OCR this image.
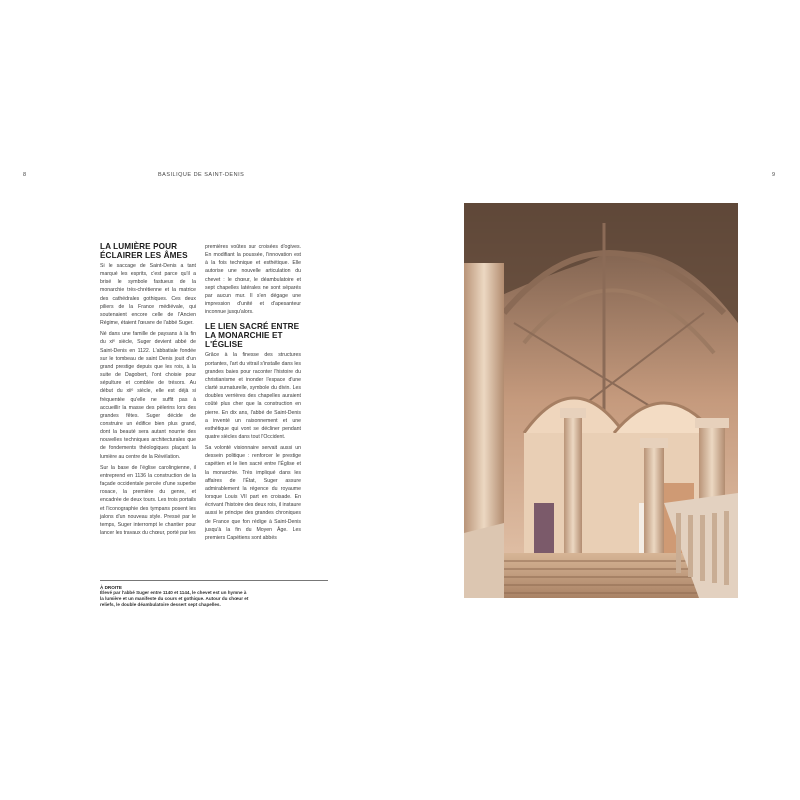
8	BASILIQUE DE SAINT-DENIS	9
LA LUMIÈRE POUR ÉCLAIRER LES ÂMES

Si le saccage de Saint-Denis a tant marqué les esprits, c'est parce qu'il a brisé le symbole fastueux de la monarchie très-chrétienne et la matrice des cathédrales gothiques. Ces deux piliers de la France médiévale, qui soutenaient encore celle de l'Ancien Régime, étaient l'œuvre de l'abbé Suger.

Né dans une famille de paysans à la fin du xiᵉ siècle, Suger devient abbé de Saint-Denis en 1122. L'abbatiale fondée sur le tombeau de saint Denis jouit d'un grand prestige depuis que les rois, à la suite de Dagobert, l'ont choisie pour sépulture et comblée de trésors. Au début du xiiᵉ siècle, elle est déjà si fréquentée qu'elle ne suffit pas à accueillir la masse des pèlerins lors des grandes fêtes. Suger décide de construire un édifice bien plus grand, dont la beauté sera autant nourrie des nouvelles techniques architecturales que de fondements théologiques plaçant la lumière au centre de la Révélation.

Sur la base de l'église carolingienne, il entreprend en 1136 la construction de la façade occidentale percée d'une superbe rosace, la première du genre, et encadrée de deux tours. Les trois portails et l'iconographie des tympans posent les jalons d'un nouveau style. Pressé par le temps, Suger interrompt le chantier pour lancer les travaux du chœur, porté par les

premières voûtes sur croisées d'ogives. En modifiant la poussée, l'innovation est à la fois technique et esthétique. Elle autorise une nouvelle articulation du chevet : le chœur, le déambulatoire et sept chapelles latérales ne sont séparés par aucun mur. Il s'en dégage une impression d'unité et d'apesanteur inconnue jusqu'alors.

LE LIEN SACRÉ ENTRE LA MONARCHIE ET L'ÉGLISE

Grâce à la finesse des structures portantes, l'art du vitrail s'installe dans les grandes baies pour raconter l'histoire du christianisme et inonder l'espace d'une clarté surnaturelle, symbole du divin. Les doubles verrières des chapelles auraient coûté plus cher que la construction en pierre. En dix ans, l'abbé de Saint-Denis a inventé un raisonnement et une esthétique qui vont se décliner pendant quatre siècles dans tout l'Occident.

Sa volonté visionnaire servait aussi un dessein politique : renforcer le prestige capétien et le lien sacré entre l'Église et la monarchie. Très impliqué dans les affaires de l'État, Suger assure admirablement la régence du royaume lorsque Louis VII part en croisade. En écrivant l'histoire des deux rois, il instaure aussi le principe des grandes chroniques de France que fon rédige à Saint-Denis jusqu'à la fin du Moyen Âge. Les premiers Capétiens sont abbés

À DROITE
Élevé par l'abbé Suger entre 1140 et 1144, le chevet est un hymne à la lumière et un manifeste du cours et gothique. Autour du chœur et reliefs, le double déambulatoire dessert sept chapelles.
